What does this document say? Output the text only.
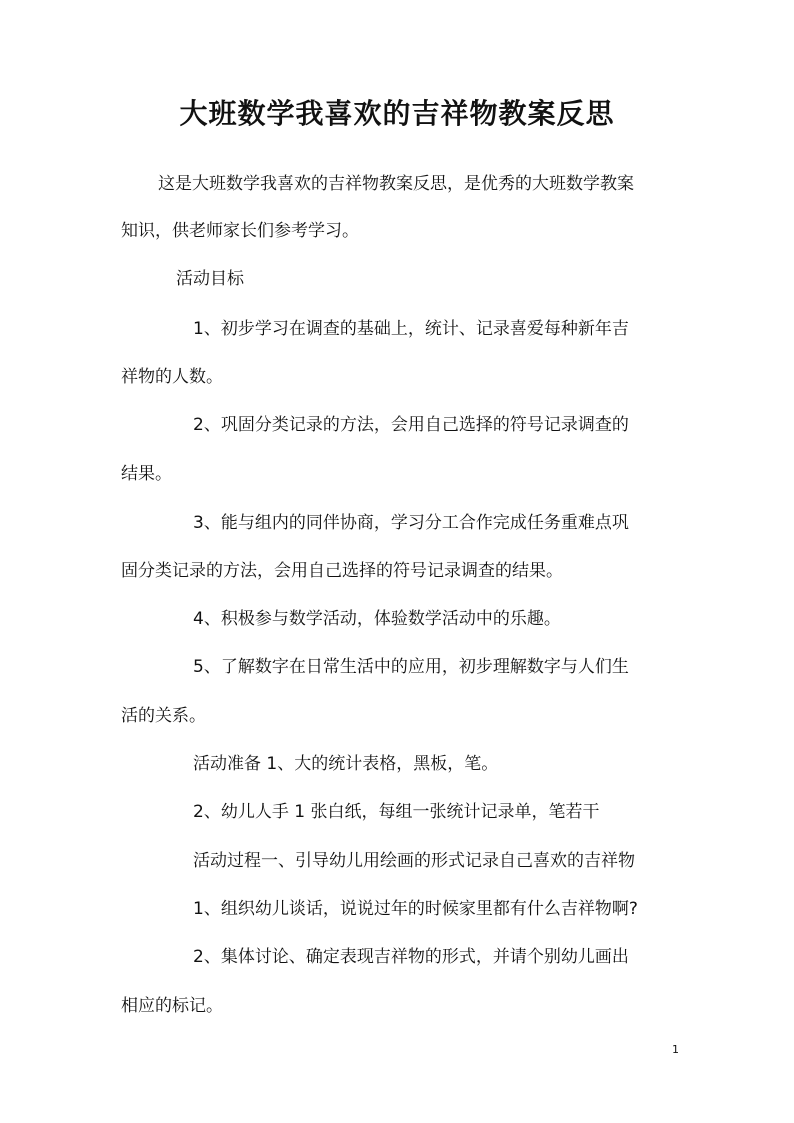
大班数学我喜欢的吉祥物教案反思
这是大班数学我喜欢的吉祥物教案反思，是优秀的大班数学教案
知识，供老师家长们参考学习。
活动目标
1、初步学习在调查的基础上，统计、记录喜爱每种新年吉
祥物的人数。
2、巩固分类记录的方法，会用自己选择的符号记录调查的
结果。
3、能与组内的同伴协商，学习分工合作完成任务重难点巩
固分类记录的方法，会用自己选择的符号记录调查的结果。
4、积极参与数学活动，体验数学活动中的乐趣。
5、了解数字在日常生活中的应用，初步理解数字与人们生
活的关系。
活动准备 1、大的统计表格，黑板，笔。
2、幼儿人手 1 张白纸，每组一张统计记录单，笔若干
活动过程一、引导幼儿用绘画的形式记录自己喜欢的吉祥物
1、组织幼儿谈话，说说过年的时候家里都有什么吉祥物啊?
2、集体讨论、确定表现吉祥物的形式，并请个别幼儿画出
相应的标记。
1
